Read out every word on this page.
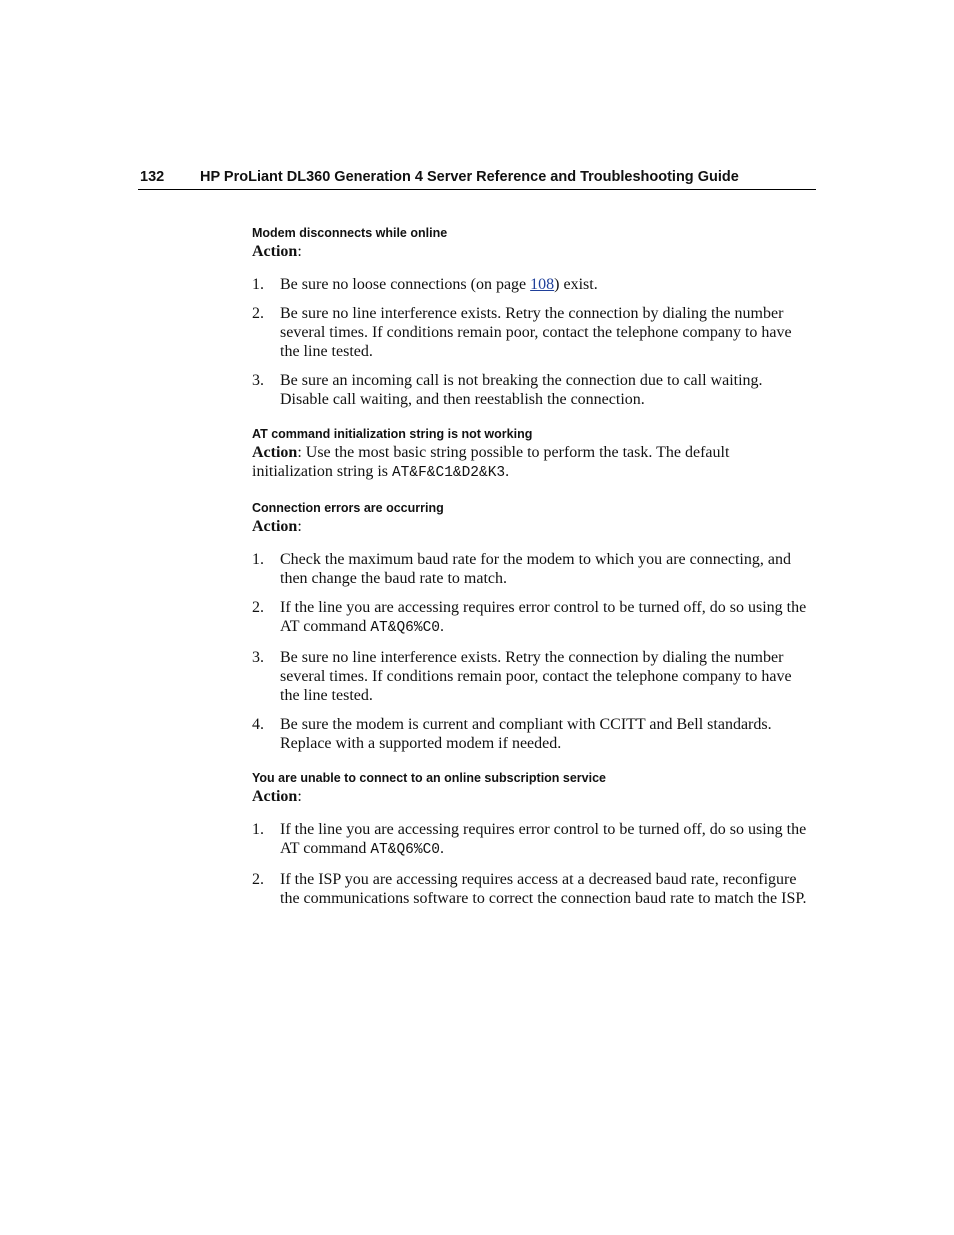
132 HP ProLiant DL360 Generation 4 Server Reference and Troubleshooting Guide
Modem disconnects while online

Action:

1. Be sure no loose connections (on page 108) exist.
2. Be sure no line interference exists. Retry the connection by dialing the number several times. If conditions remain poor, contact the telephone company to have the line tested.
3. Be sure an incoming call is not breaking the connection due to call waiting. Disable call waiting, and then reestablish the connection.
AT command initialization string is not working

Action: Use the most basic string possible to perform the task. The default initialization string is AT&F&C1&D2&K3.

Connection errors are occurring

Action:

1. Check the maximum baud rate for the modem to which you are connecting, and then change the baud rate to match.
2. If the line you are accessing requires error control to be turned off, do so using the AT command AT&Q6%C0.
3. Be sure no line interference exists. Retry the connection by dialing the number several times. If conditions remain poor, contact the telephone company to have the line tested.
4. Be sure the modem is current and compliant with CCITT and Bell standards. Replace with a supported modem if needed.
You are unable to connect to an online subscription service

Action:

1. If the line you are accessing requires error control to be turned off, do so using the AT command AT&Q6%C0.
2. If the ISP you are accessing requires access at a decreased baud rate, reconfigure the communications software to correct the connection baud rate to match the ISP.
